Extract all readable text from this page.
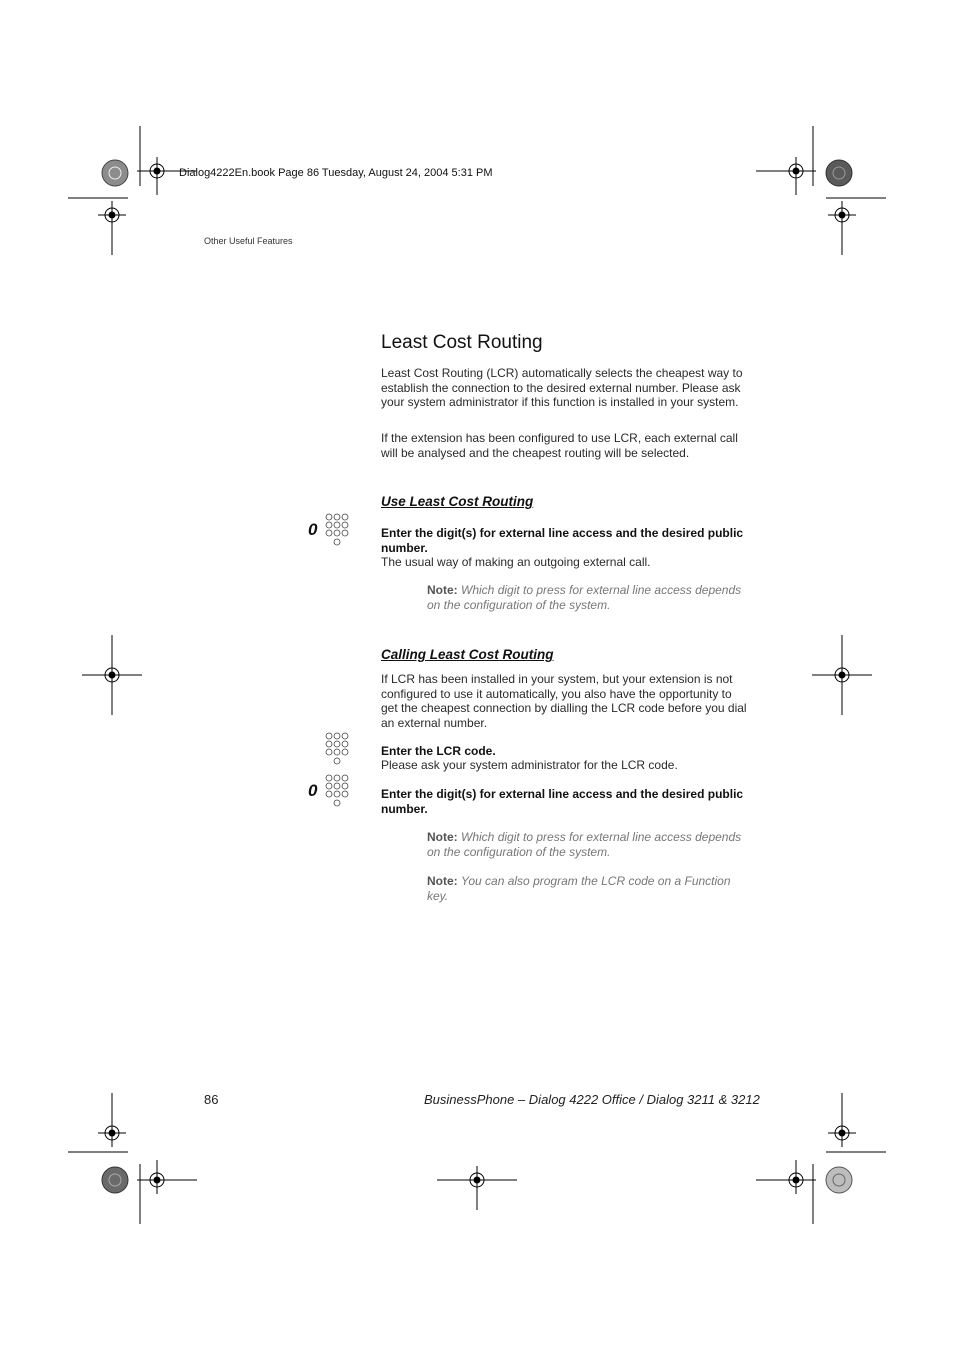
Dialog4222En.book Page 86 Tuesday, August 24, 2004 5:31 PM
Other Useful Features
Least Cost Routing

Least Cost Routing (LCR) automatically selects the cheapest way to establish the connection to the desired external number. Please ask your system administrator if this function is installed in your system.

If the extension has been configured to use LCR, each external call will be analysed and the cheapest routing will be selected.

Use Least Cost Routing
0	Enter the digit(s) for external line access and the desired public number.

The usual way of making an outgoing external call.

Note: Which digit to press for external line access depends on the configuration of the system.
Calling Least Cost Routing

If LCR has been installed in your system, but your extension is not configured to use it automatically, you also have the opportunity to get the cheapest connection by dialling the LCR code before you dial an external number.

Enter the LCR code.

Please ask your system administrator for the LCR code.

0	Enter the digit(s) for external line access and the desired public number.

Note: Which digit to press for external line access depends on the configuration of the system.
Note: You can also program the LCR code on a Function key.
86	BusinessPhone – Dialog 4222 Office / Dialog 3211 & 3212
